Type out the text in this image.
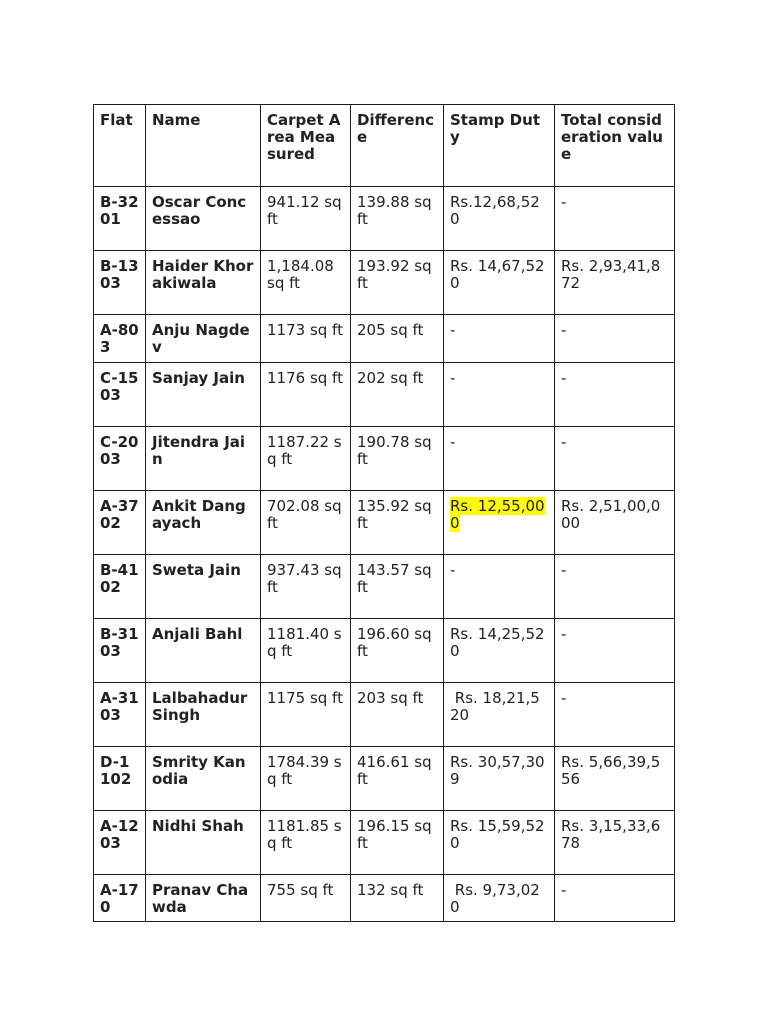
Flat	Name	Carpet Area Measured	Difference	Stamp Duty	Total consideration value
B-3201	Oscar Concessao	941.12 sq ft	139.88 sq ft	Rs.12,68,520	-
B-1303	Haider Khorakiwala	1,184.08 sq ft	193.92 sq ft	Rs. 14,67,520	Rs. 2,93,41,872
A-803	Anju Nagdev	1173 sq ft	205 sq ft	-	-
C-1503	Sanjay Jain	1176 sq ft	202 sq ft	-	-
C-2003	Jitendra Jain	1187.22 sq ft	190.78 sq ft	-	-
A-3702	Ankit Dangayach	702.08 sq ft	135.92 sq ft	Rs. 12,55,000	Rs. 2,51,00,000
B-4102	Sweta Jain	937.43 sq ft	143.57 sq ft	-	-
B-3103	Anjali Bahl	1181.40 sq ft	196.60 sq ft	Rs. 14,25,520	-
A-3103	Lalbahadur Singh	1175 sq ft	203 sq ft	Rs. 18,21,520	-
D-1102	Smrity Kanodia	1784.39 sq ft	416.61 sq ft	Rs. 30,57,309	Rs. 5,66,39,556
A-1203	Nidhi Shah	1181.85 sq ft	196.15 sq ft	Rs. 15,59,520	Rs. 3,15,33,678
A-170	Pranav Chawda	755 sq ft	132 sq ft	Rs. 9,73,020	-
